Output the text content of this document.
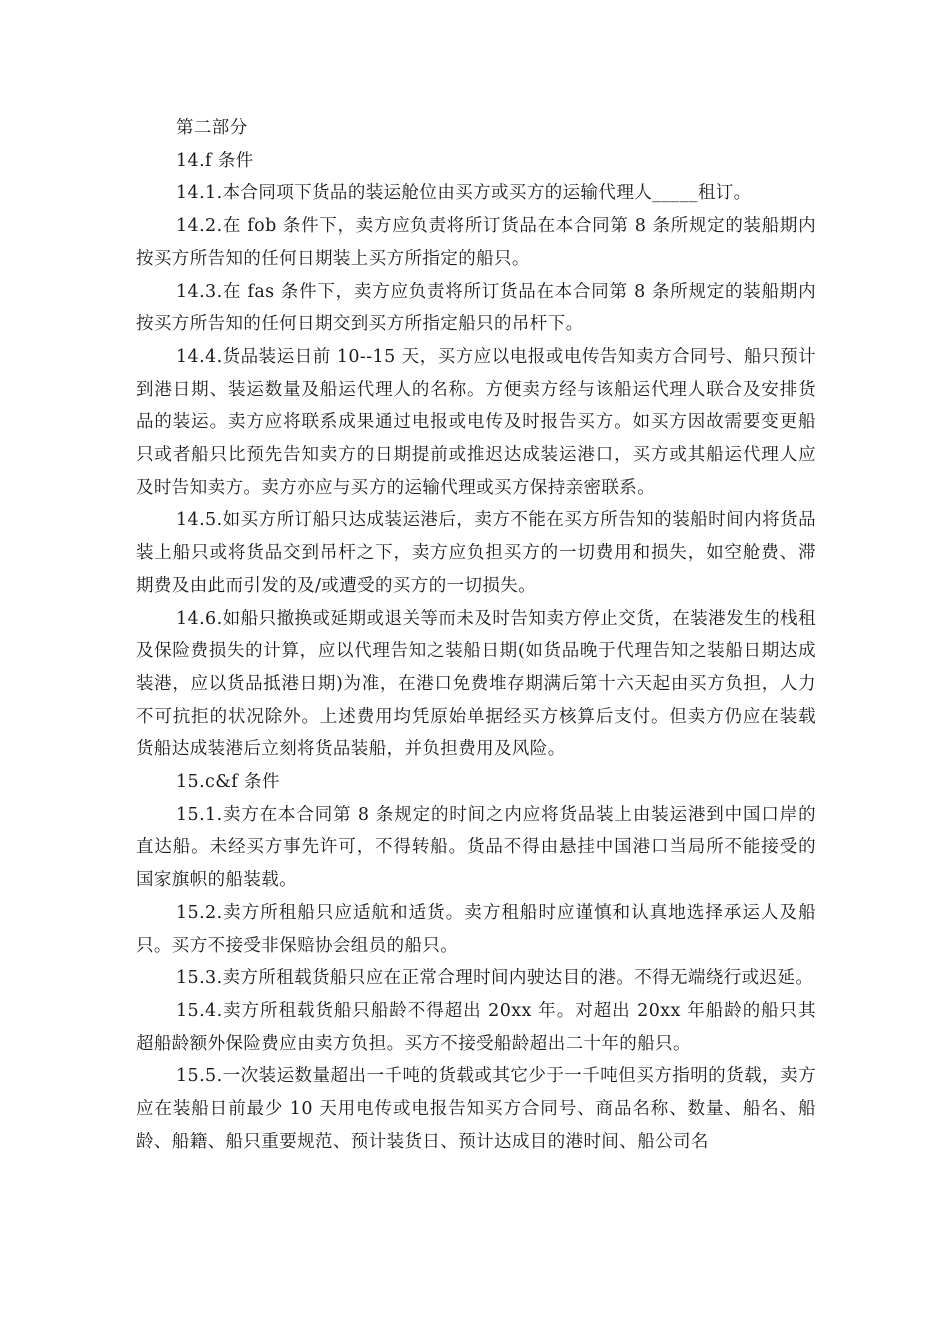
第二部分

14.f 条件

14.1.本合同项下货品的装运舱位由买方或买方的运输代理人_____租订。

14.2.在 fob 条件下，卖方应负责将所订货品在本合同第 8 条所规定的装船期内按买方所告知的任何日期装上买方所指定的船只。

14.3.在 fas 条件下，卖方应负责将所订货品在本合同第 8 条所规定的装船期内按买方所告知的任何日期交到买方所指定船只的吊杆下。

14.4.货品装运日前 10--15 天，买方应以电报或电传告知卖方合同号、船只预计到港日期、装运数量及船运代理人的名称。方便卖方经与该船运代理人联合及安排货品的装运。卖方应将联系成果通过电报或电传及时报告买方。如买方因故需要变更船只或者船只比预先告知卖方的日期提前或推迟达成装运港口，买方或其船运代理人应及时告知卖方。卖方亦应与买方的运输代理或买方保持亲密联系。

14.5.如买方所订船只达成装运港后，卖方不能在买方所告知的装船时间内将货品装上船只或将货品交到吊杆之下，卖方应负担买方的一切费用和损失，如空舱费、滞期费及由此而引发的及/或遭受的买方的一切损失。

14.6.如船只撤换或延期或退关等而未及时告知卖方停止交货，在装港发生的栈租及保险费损失的计算，应以代理告知之装船日期(如货品晚于代理告知之装船日期达成装港，应以货品抵港日期)为准，在港口免费堆存期满后第十六天起由买方负担，人力不可抗拒的状况除外。上述费用均凭原始单据经买方核算后支付。但卖方仍应在装载货船达成装港后立刻将货品装船，并负担费用及风险。

15.c&f 条件

15.1.卖方在本合同第 8 条规定的时间之内应将货品装上由装运港到中国口岸的直达船。未经买方事先许可，不得转船。货品不得由悬挂中国港口当局所不能接受的国家旗帜的船装载。

15.2.卖方所租船只应适航和适货。卖方租船时应谨慎和认真地选择承运人及船只。买方不接受非保赔协会组员的船只。

15.3.卖方所租载货船只应在正常合理时间内驶达目的港。不得无端绕行或迟延。

15.4.卖方所租载货船只船龄不得超出 20xx 年。对超出 20xx 年船龄的船只其超船龄额外保险费应由卖方负担。买方不接受船龄超出二十年的船只。

15.5.一次装运数量超出一千吨的货载或其它少于一千吨但买方指明的货载，卖方应在装船日前最少 10 天用电传或电报告知买方合同号、商品名称、数量、船名、船龄、船籍、船只重要规范、预计装货日、预计达成目的港时间、船公司名
